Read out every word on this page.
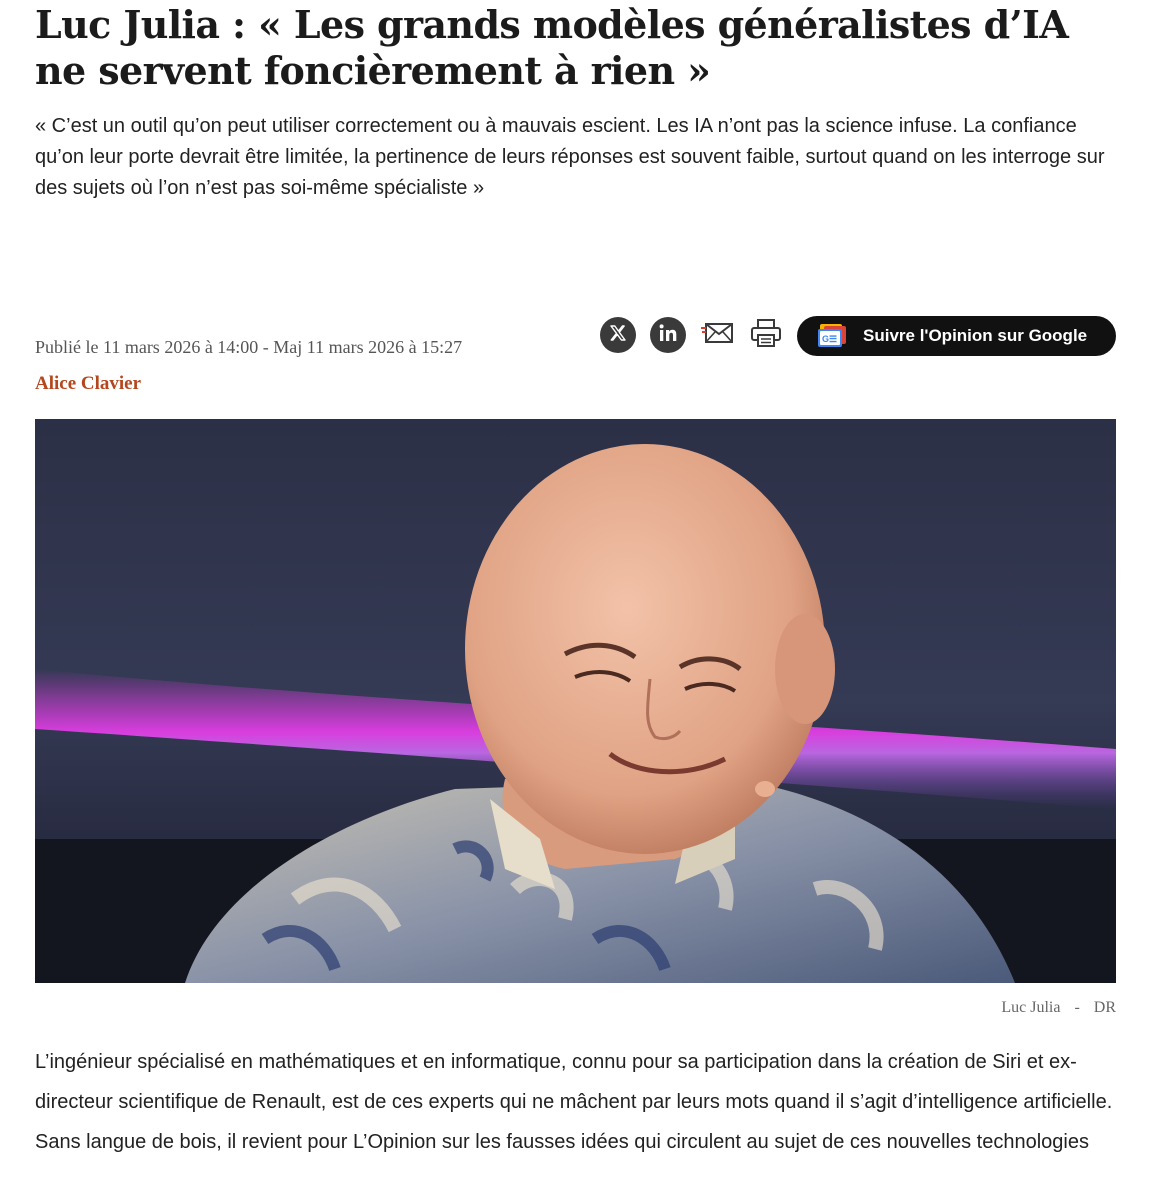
Luc Julia : « Les grands modèles généralistes d’IA ne servent foncièrement à rien »

« C’est un outil qu’on peut utiliser correctement ou à mauvais escient. Les IA n’ont pas la science infuse. La confiance qu’on leur porte devrait être limitée, la pertinence de leurs réponses est souvent faible, surtout quand on les interroge sur des sujets où l’on n’est pas soi-même spécialiste »

Publié le 11 mars 2026 à 14:00 - Maj 11 mars 2026 à 15:27
Alice Clavier
G☰ Suivre l'Opinion sur Google
Luc Julia - DR

L’ingénieur spécialisé en mathématiques et en informatique, connu pour sa participation dans la création de Siri et ex-directeur scientifique de Renault, est de ces experts qui ne mâchent par leurs mots quand il s’agit d’intelligence artificielle. Sans langue de bois, il revient pour L’Opinion sur les fausses idées qui circulent au sujet de ces nouvelles technologies
